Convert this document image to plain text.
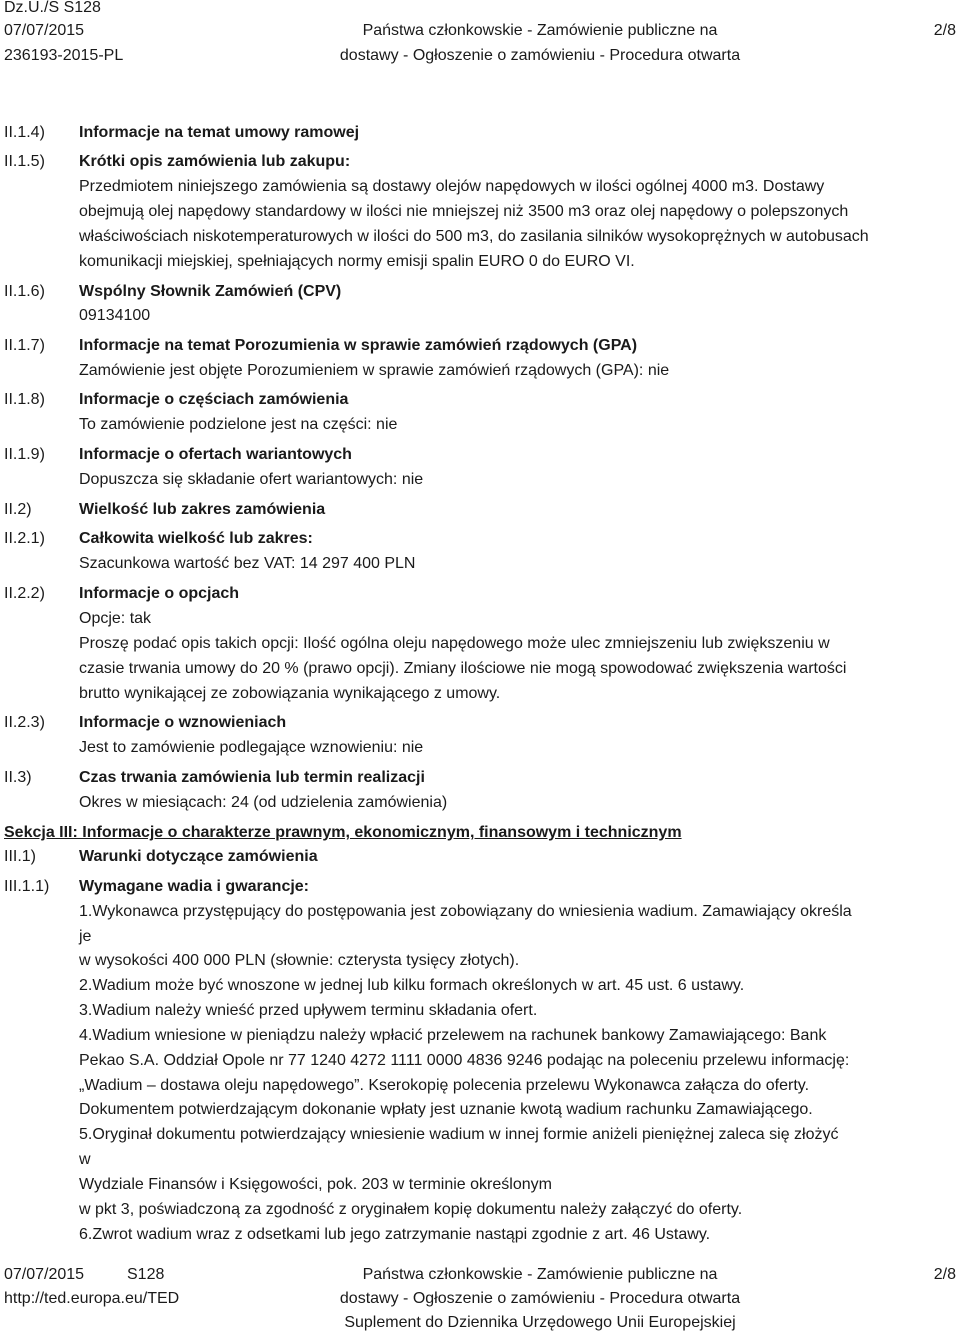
Dz.U./S S128
07/07/2015
236193-2015-PL
Państwa członkowskie - Zamówienie publiczne na
dostawy - Ogłoszenie o zamówieniu - Procedura otwarta
2/8
II.1.4) Informacje na temat umowy ramowej
II.1.5) Krótki opis zamówienia lub zakupu:
Przedmiotem niniejszego zamówienia są dostawy olejów napędowych w ilości ogólnej 4000 m3. Dostawy
obejmują olej napędowy standardowy w ilości nie mniejszej niż 3500 m3 oraz olej napędowy o polepszonych
właściwościach niskotemperaturowych w ilości do 500 m3, do zasilania silników wysokoprężnych w autobusach
komunikacji miejskiej, spełniających normy emisji spalin EURO 0 do EURO VI.
II.1.6) Wspólny Słownik Zamówień (CPV)
09134100
II.1.7) Informacje na temat Porozumienia w sprawie zamówień rządowych (GPA)
Zamówienie jest objęte Porozumieniem w sprawie zamówień rządowych (GPA): nie
II.1.8) Informacje o częściach zamówienia
To zamówienie podzielone jest na części: nie
II.1.9) Informacje o ofertach wariantowych
Dopuszcza się składanie ofert wariantowych: nie
II.2)	Wielkość lub zakres zamówienia
II.2.1) Całkowita wielkość lub zakres:
Szacunkowa wartość bez VAT: 14 297 400 PLN
II.2.2) Informacje o opcjach
Opcje: tak
Proszę podać opis takich opcji: Ilość ogólna oleju napędowego może ulec zmniejszeniu lub zwiększeniu w
czasie trwania umowy do 20 % (prawo opcji). Zmiany ilościowe nie mogą spowodować zwiększenia wartości
brutto wynikającej ze zobowiązania wynikającego z umowy.
II.2.3) Informacje o wznowieniach
Jest to zamówienie podlegające wznowieniu: nie
II.3)	Czas trwania zamówienia lub termin realizacji
Okres w miesiącach: 24 (od udzielenia zamówienia)
Sekcja III: Informacje o charakterze prawnym, ekonomicznym, finansowym i technicznym
III.1)	Warunki dotyczące zamówienia
III.1.1) Wymagane wadia i gwarancje:
1.Wykonawca przystępujący do postępowania jest zobowiązany do wniesienia wadium. Zamawiający określa
je
w wysokości 400 000 PLN (słownie: czterysta tysięcy złotych).
2.Wadium może być wnoszone w jednej lub kilku formach określonych w art. 45 ust. 6 ustawy.
3.Wadium należy wnieść przed upływem terminu składania ofert.
4.Wadium wniesione w pieniądzu należy wpłacić przelewem na rachunek bankowy Zamawiającego: Bank
Pekao S.A. Oddział Opole nr 77 1240 4272 1111 0000 4836 9246 podając na poleceniu przelewu informację:
„Wadium – dostawa oleju napędowego”. Kserokopię polecenia przelewu Wykonawca załącza do oferty.
Dokumentem potwierdzającym dokonanie wpłaty jest uznanie kwotą wadium rachunku Zamawiającego.
5.Oryginał dokumentu potwierdzający wniesienie wadium w innej formie aniżeli pieniężnej zaleca się złożyć
w
Wydziale Finansów i Księgowości, pok. 203 w terminie określonym
w pkt 3, poświadczoną za zgodność z oryginałem kopię dokumentu należy załączyć do oferty.
6.Zwrot wadium wraz z odsetkami lub jego zatrzymanie nastąpi zgodnie z art. 46 Ustawy.
07/07/2015	S128
http://ted.europa.eu/TED
Państwa członkowskie - Zamówienie publiczne na
dostawy - Ogłoszenie o zamówieniu - Procedura otwarta
Suplement do Dziennika Urzędowego Unii Europejskiej
2/8
